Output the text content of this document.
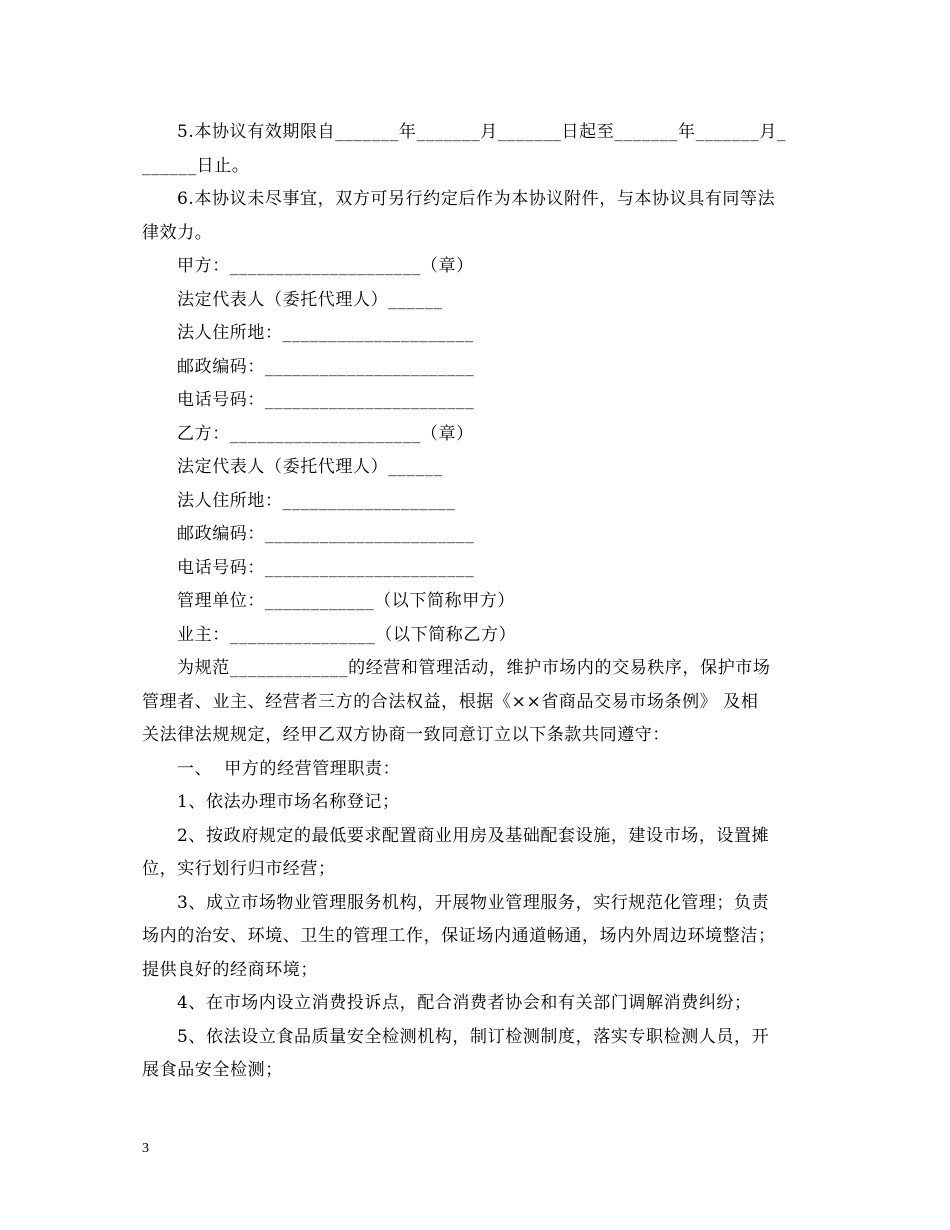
5.本协议有效期限自_______年_______月_______日起至_______年_______月_
______日止。
6.本协议未尽事宜，双方可另行约定后作为本协议附件，与本协议具有同等法
律效力。
甲方：_____________________（章）
法定代表人（委托代理人）______
法人住所地：_____________________
邮政编码：_______________________
电话号码：_______________________
乙方：_____________________（章）
法定代表人（委托代理人）______
法人住所地：___________________
邮政编码：_______________________
电话号码：_______________________
管理单位：____________（以下简称甲方）
业主：________________（以下简称乙方）
为规范_____________的经营和管理活动，维护市场内的交易秩序，保护市场
管理者、业主、经营者三方的合法权益，根据《××省商品交易市场条例》 及相
关法律法规规定，经甲乙双方协商一致同意订立以下条款共同遵守：
一、  甲方的经营管理职责：
1、依法办理市场名称登记；
2、按政府规定的最低要求配置商业用房及基础配套设施，建设市场，设置摊
位，实行划行归市经营；
3、成立市场物业管理服务机构，开展物业管理服务，实行规范化管理；负责
场内的治安、环境、卫生的管理工作，保证场内通道畅通，场内外周边环境整洁；
提供良好的经商环境；
4、在市场内设立消费投诉点，配合消费者协会和有关部门调解消费纠纷；
5、依法设立食品质量安全检测机构，制订检测制度，落实专职检测人员，开
展食品安全检测；
3
